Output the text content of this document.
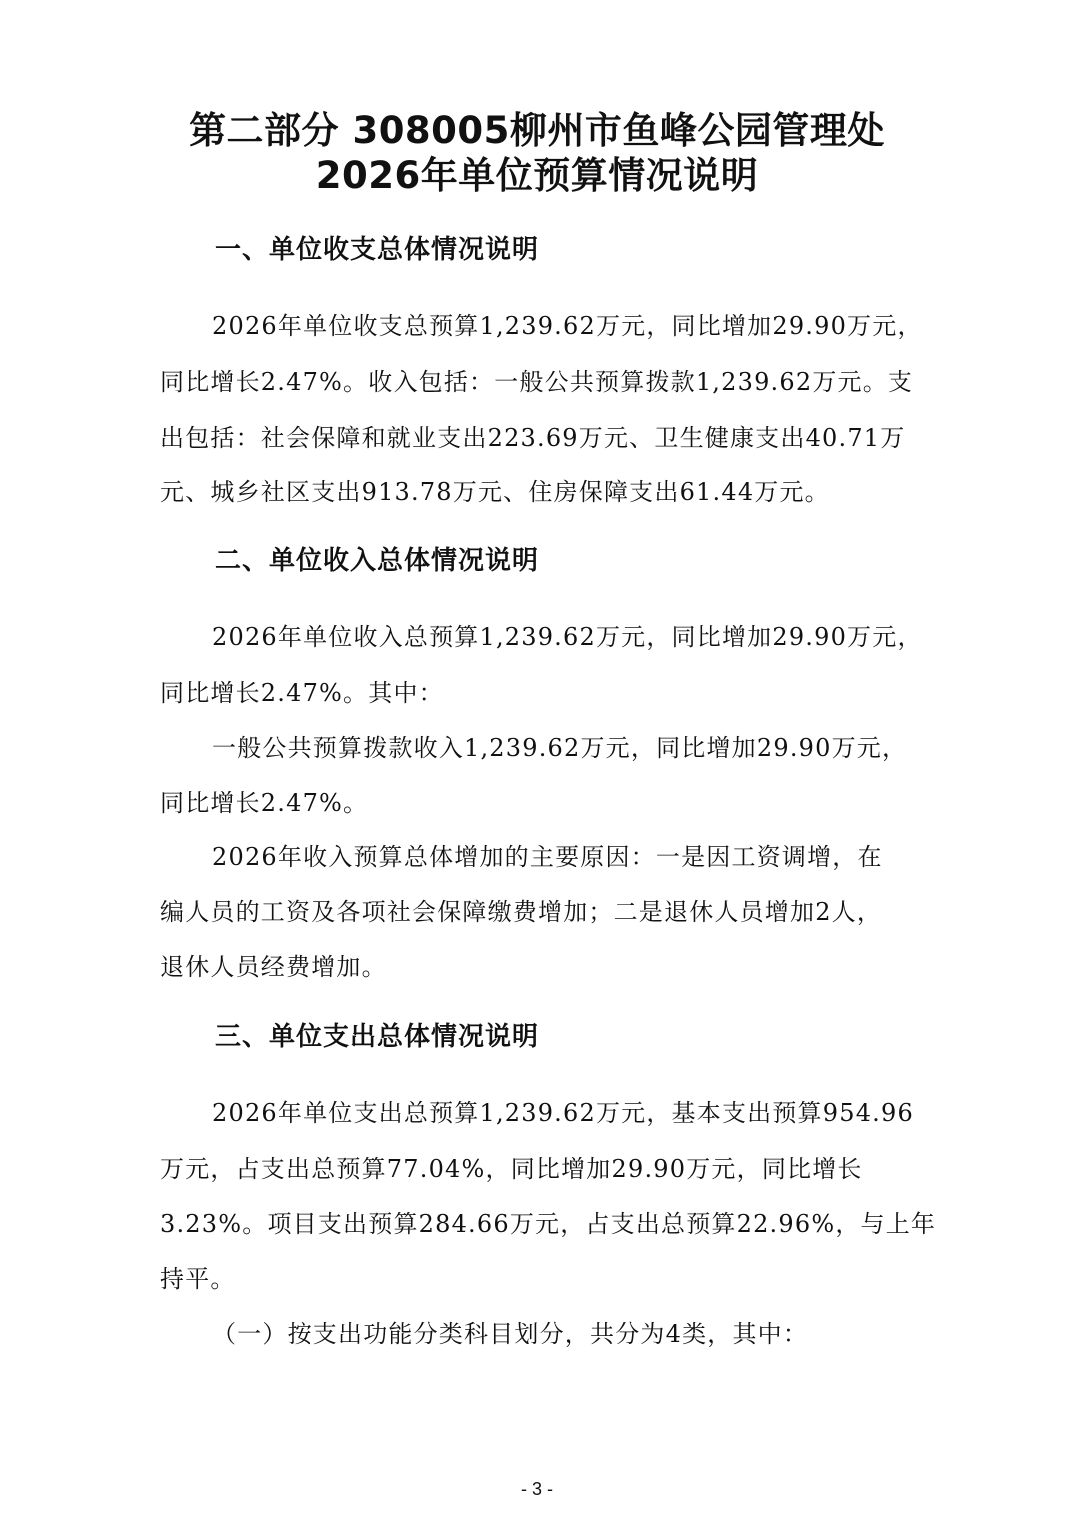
第二部分 308005柳州市鱼峰公园管理处
2026年单位预算情况说明
一、单位收支总体情况说明
2026年单位收支总预算1,239.62万元，同比增加29.90万元，
同比增长2.47%。收入包括：一般公共预算拨款1,239.62万元。支
出包括：社会保障和就业支出223.69万元、卫生健康支出40.71万
元、城乡社区支出913.78万元、住房保障支出61.44万元。
二、单位收入总体情况说明
2026年单位收入总预算1,239.62万元，同比增加29.90万元，
同比增长2.47%。其中：
一般公共预算拨款收入1,239.62万元，同比增加29.90万元，
同比增长2.47%。
2026年收入预算总体增加的主要原因：一是因工资调增，在
编人员的工资及各项社会保障缴费增加；二是退休人员增加2人，
退休人员经费增加。
三、单位支出总体情况说明
2026年单位支出总预算1,239.62万元，基本支出预算954.96
万元，占支出总预算77.04%，同比增加29.90万元，同比增长
3.23%。项目支出预算284.66万元，占支出总预算22.96%，与上年
持平。
（一）按支出功能分类科目划分，共分为4类，其中：
- 3 -
